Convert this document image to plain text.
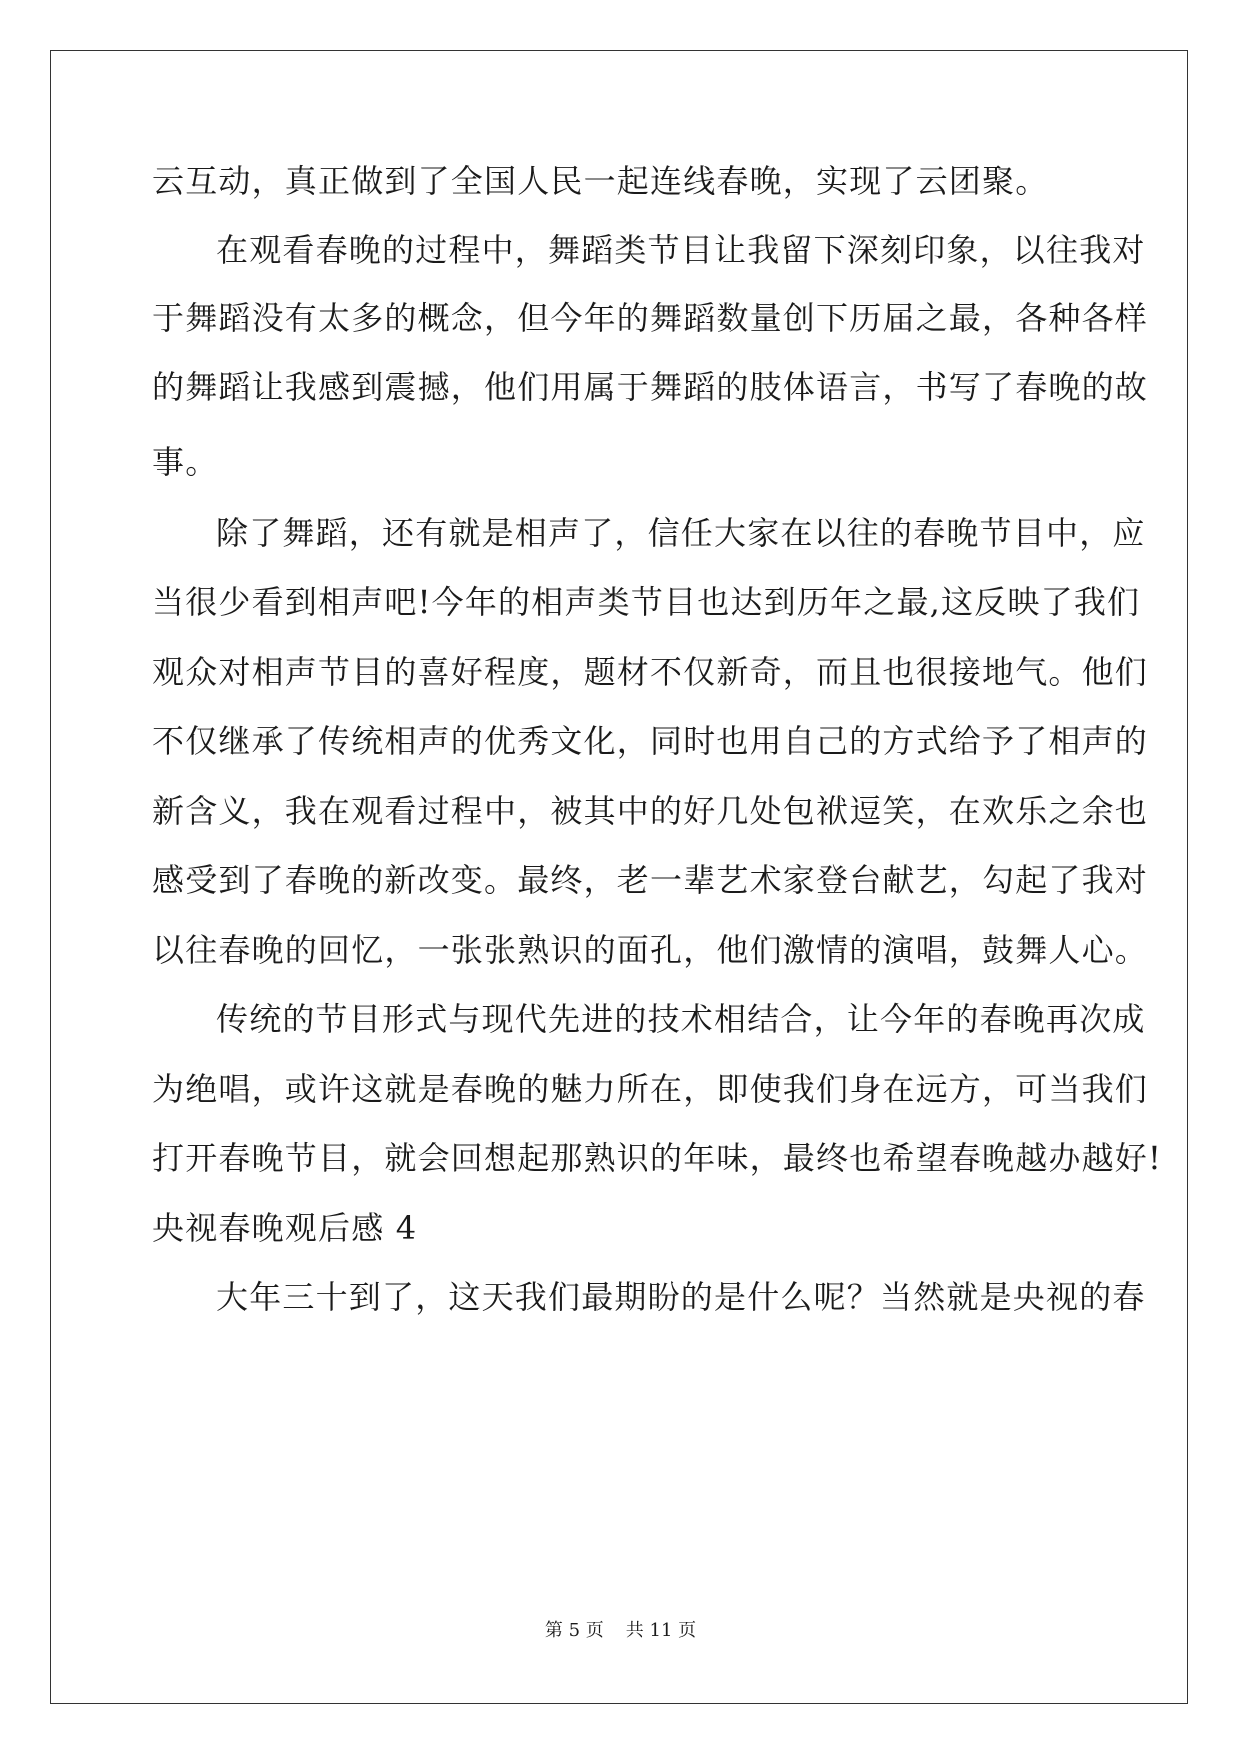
云互动，真正做到了全国人民一起连线春晚，实现了云团聚。
在观看春晚的过程中，舞蹈类节目让我留下深刻印象，以往我对
于舞蹈没有太多的概念，但今年的舞蹈数量创下历届之最，各种各样
的舞蹈让我感到震撼，他们用属于舞蹈的肢体语言，书写了春晚的故
事。
除了舞蹈，还有就是相声了，信任大家在以往的春晚节目中，应
当很少看到相声吧!今年的相声类节目也达到历年之最,这反映了我们
观众对相声节目的喜好程度，题材不仅新奇，而且也很接地气。他们
不仅继承了传统相声的优秀文化，同时也用自己的方式给予了相声的
新含义，我在观看过程中，被其中的好几处包袱逗笑，在欢乐之余也
感受到了春晚的新改变。最终，老一辈艺术家登台献艺，勾起了我对
以往春晚的回忆，一张张熟识的面孔，他们激情的演唱，鼓舞人心。
传统的节目形式与现代先进的技术相结合，让今年的春晚再次成
为绝唱，或许这就是春晚的魅力所在，即使我们身在远方，可当我们
打开春晚节目，就会回想起那熟识的年味，最终也希望春晚越办越好!
央视春晚观后感 4
大年三十到了，这天我们最期盼的是什么呢？当然就是央视的春
第 5 页 共 11 页
